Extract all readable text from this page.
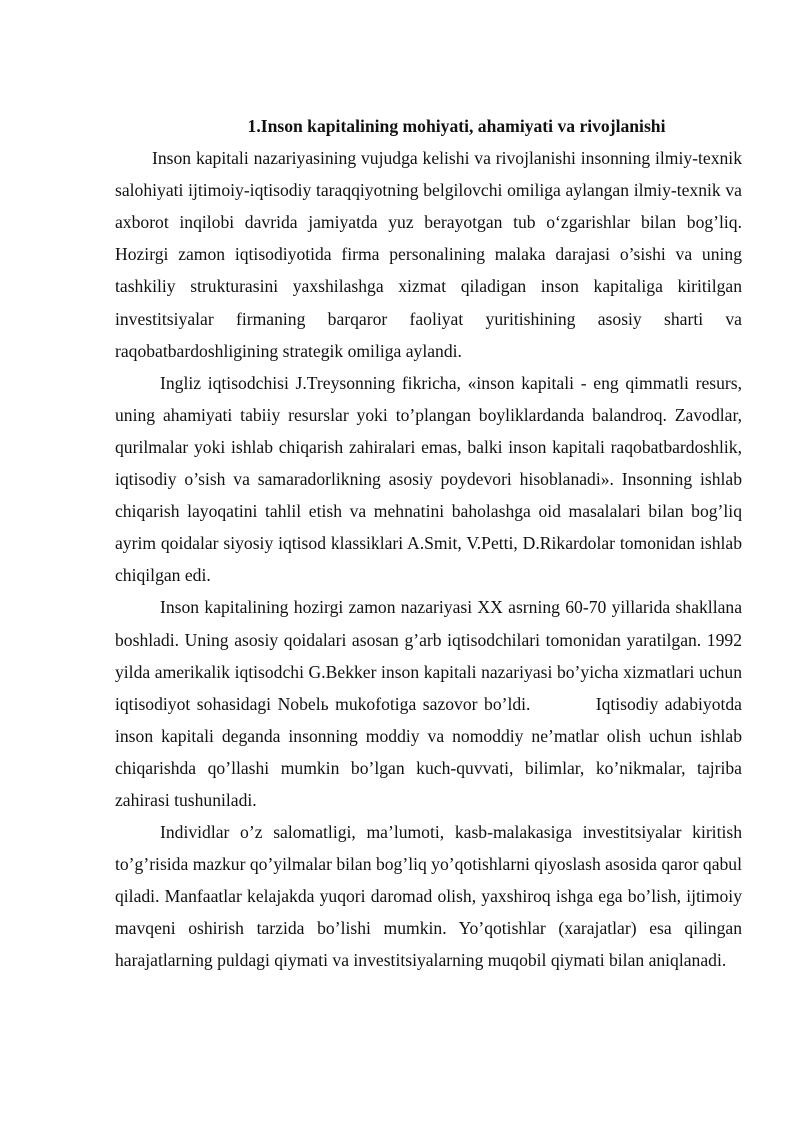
1.Inson kapitalining mohiyati, ahamiyati va rivojlanishi

Inson kapitali nazariyasining vujudga kelishi va rivojlanishi insonning ilmiy-texnik salohiyati ijtimoiy-iqtisodiy taraqqiyotning belgilovchi omiliga aylangan ilmiy-texnik va axborot inqilobi davrida jamiyatda yuz berayotgan tub o‘zgarishlar bilan bog’liq. Hozirgi zamon iqtisodiyotida firma personalining malaka darajasi o’sishi va uning tashkiliy strukturasini yaxshilashga xizmat qiladigan inson kapitaliga kiritilgan investitsiyalar firmaning barqaror faoliyat yuritishining asosiy sharti va raqobatbardoshligining strategik omiliga aylandi.

Ingliz iqtisodchisi J.Treysonning fikricha, «inson kapitali - eng qimmatli resurs, uning ahamiyati tabiiy resurslar yoki to’plangan boyliklardanda balandroq. Zavodlar, qurilmalar yoki ishlab chiqarish zahiralari emas, balki inson kapitali raqobatbardoshlik, iqtisodiy o’sish va samaradorlikning asosiy poydevori hisoblanadi». Insonning ishlab chiqarish layoqatini tahlil etish va mehnatini baholashga oid masalalari bilan bog’liq ayrim qoidalar siyosiy iqtisod klassiklari A.Smit, V.Petti, D.Rikardolar tomonidan ishlab chiqilgan edi.

Inson kapitalining hozirgi zamon nazariyasi XX asrning 60-70 yillarida shakllana boshladi. Uning asosiy qoidalari asosan g’arb iqtisodchilari tomonidan yaratilgan. 1992 yilda amerikalik iqtisodchi G.Bekker inson kapitali nazariyasi bo’yicha xizmatlari uchun iqtisodiyot sohasidagi Nobelь mukofotiga sazovor bo’ldi.          Iqtisodiy adabiyotda inson kapitali deganda insonning moddiy va nomoddiy ne’matlar olish uchun ishlab chiqarishda qo’llashi mumkin bo’lgan kuch-quvvati, bilimlar, ko’nikmalar, tajriba zahirasi tushuniladi.

Individlar o’z salomatligi, ma’lumoti, kasb-malakasiga investitsiyalar kiritish to’g’risida mazkur qo’yilmalar bilan bog’liq yo’qotishlarni qiyoslash asosida qaror qabul qiladi. Manfaatlar kelajakda yuqori daromad olish, yaxshiroq ishga ega bo’lish, ijtimoiy mavqeni oshirish tarzida bo’lishi mumkin. Yo’qotishlar (xarajatlar) esa qilingan harajatlarning puldagi qiymati va investitsiyalarning muqobil qiymati bilan aniqlanadi.
